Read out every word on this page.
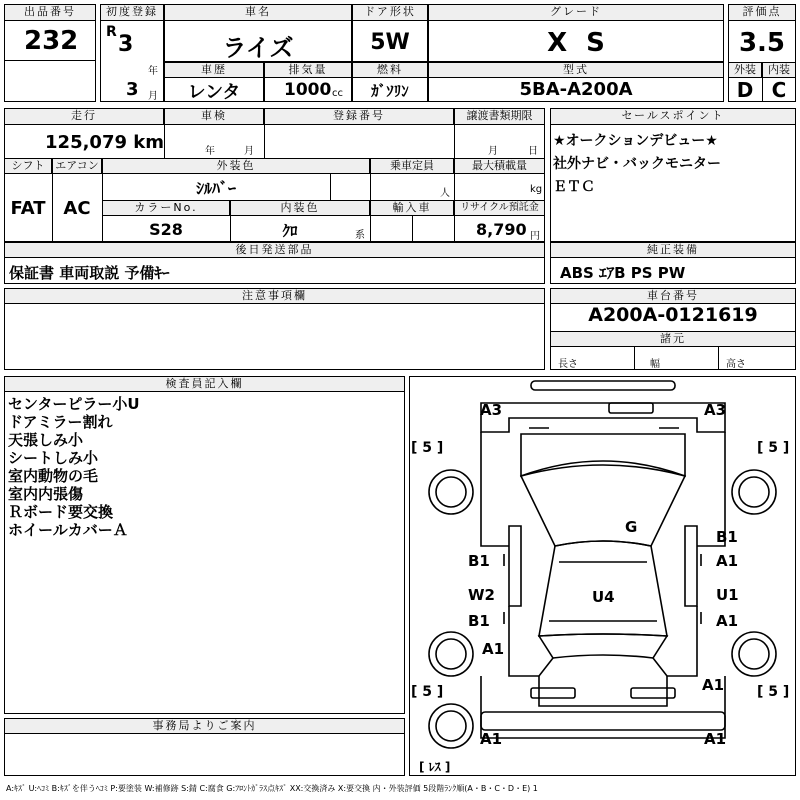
出品番号
232
初度登録
R 3
年
3 月
車名
ライズ
ドア形状
5W
グレード
X S
評価点
3.5
外装	内装
D C
車歴
レンタ
排気量
1000 cc
燃料
ｶﾞｿﾘﾝ
型式
5BA-A200A
走行
125,079 km
車検
年	月
登録番号	譲渡書類期限
月	日
シフト エアコン
FAT AC
外装色
ｼﾙﾊﾞｰ
乗車定員
人
最大積載量
kg
カラーNo.
S28
内装色
ｸﾛ	系
輸入車	リサイクル預託金
8,790 円
セールスポイント
★オークションデビュー★
社外ナビ・バックモニター
ＥＴＣ
後日発送部品
保証書 車両取説 予備ｷｰ
純正装備
ABS ｴｱB PS PW
注意事項欄	車台番号
A200A-0121619
諸元
長さ	幅	高さ
検査員記入欄
センターピラー小U
ドアミラー割れ
天張しみ小
シートしみ小
室内動物の毛
室内内張傷
Ｒボード要交換
ホイールカバーＡ
事務局よりご案内
A3	A3
G
B1
B1
A1
W2	U4	U1
B1	A1
A1
A1
A1	A1
[ 5 ]	[ 5 ]
[ 5 ]	[ 5 ]
[ ﾚｽ ]
A:ｷｽﾞ U:ﾍｺﾐ B:ｷｽﾞを伴うﾍｺﾐ P:要塗装 W:補修跡 S:錆 C:腐食 G:ﾌﾛﾝﾄｶﾞﾗｽ点ｷｽﾞ XX:交換済み X:要交換 内・外装評価 5段階ﾗﾝｸ順(A・B・C・D・E) 1
